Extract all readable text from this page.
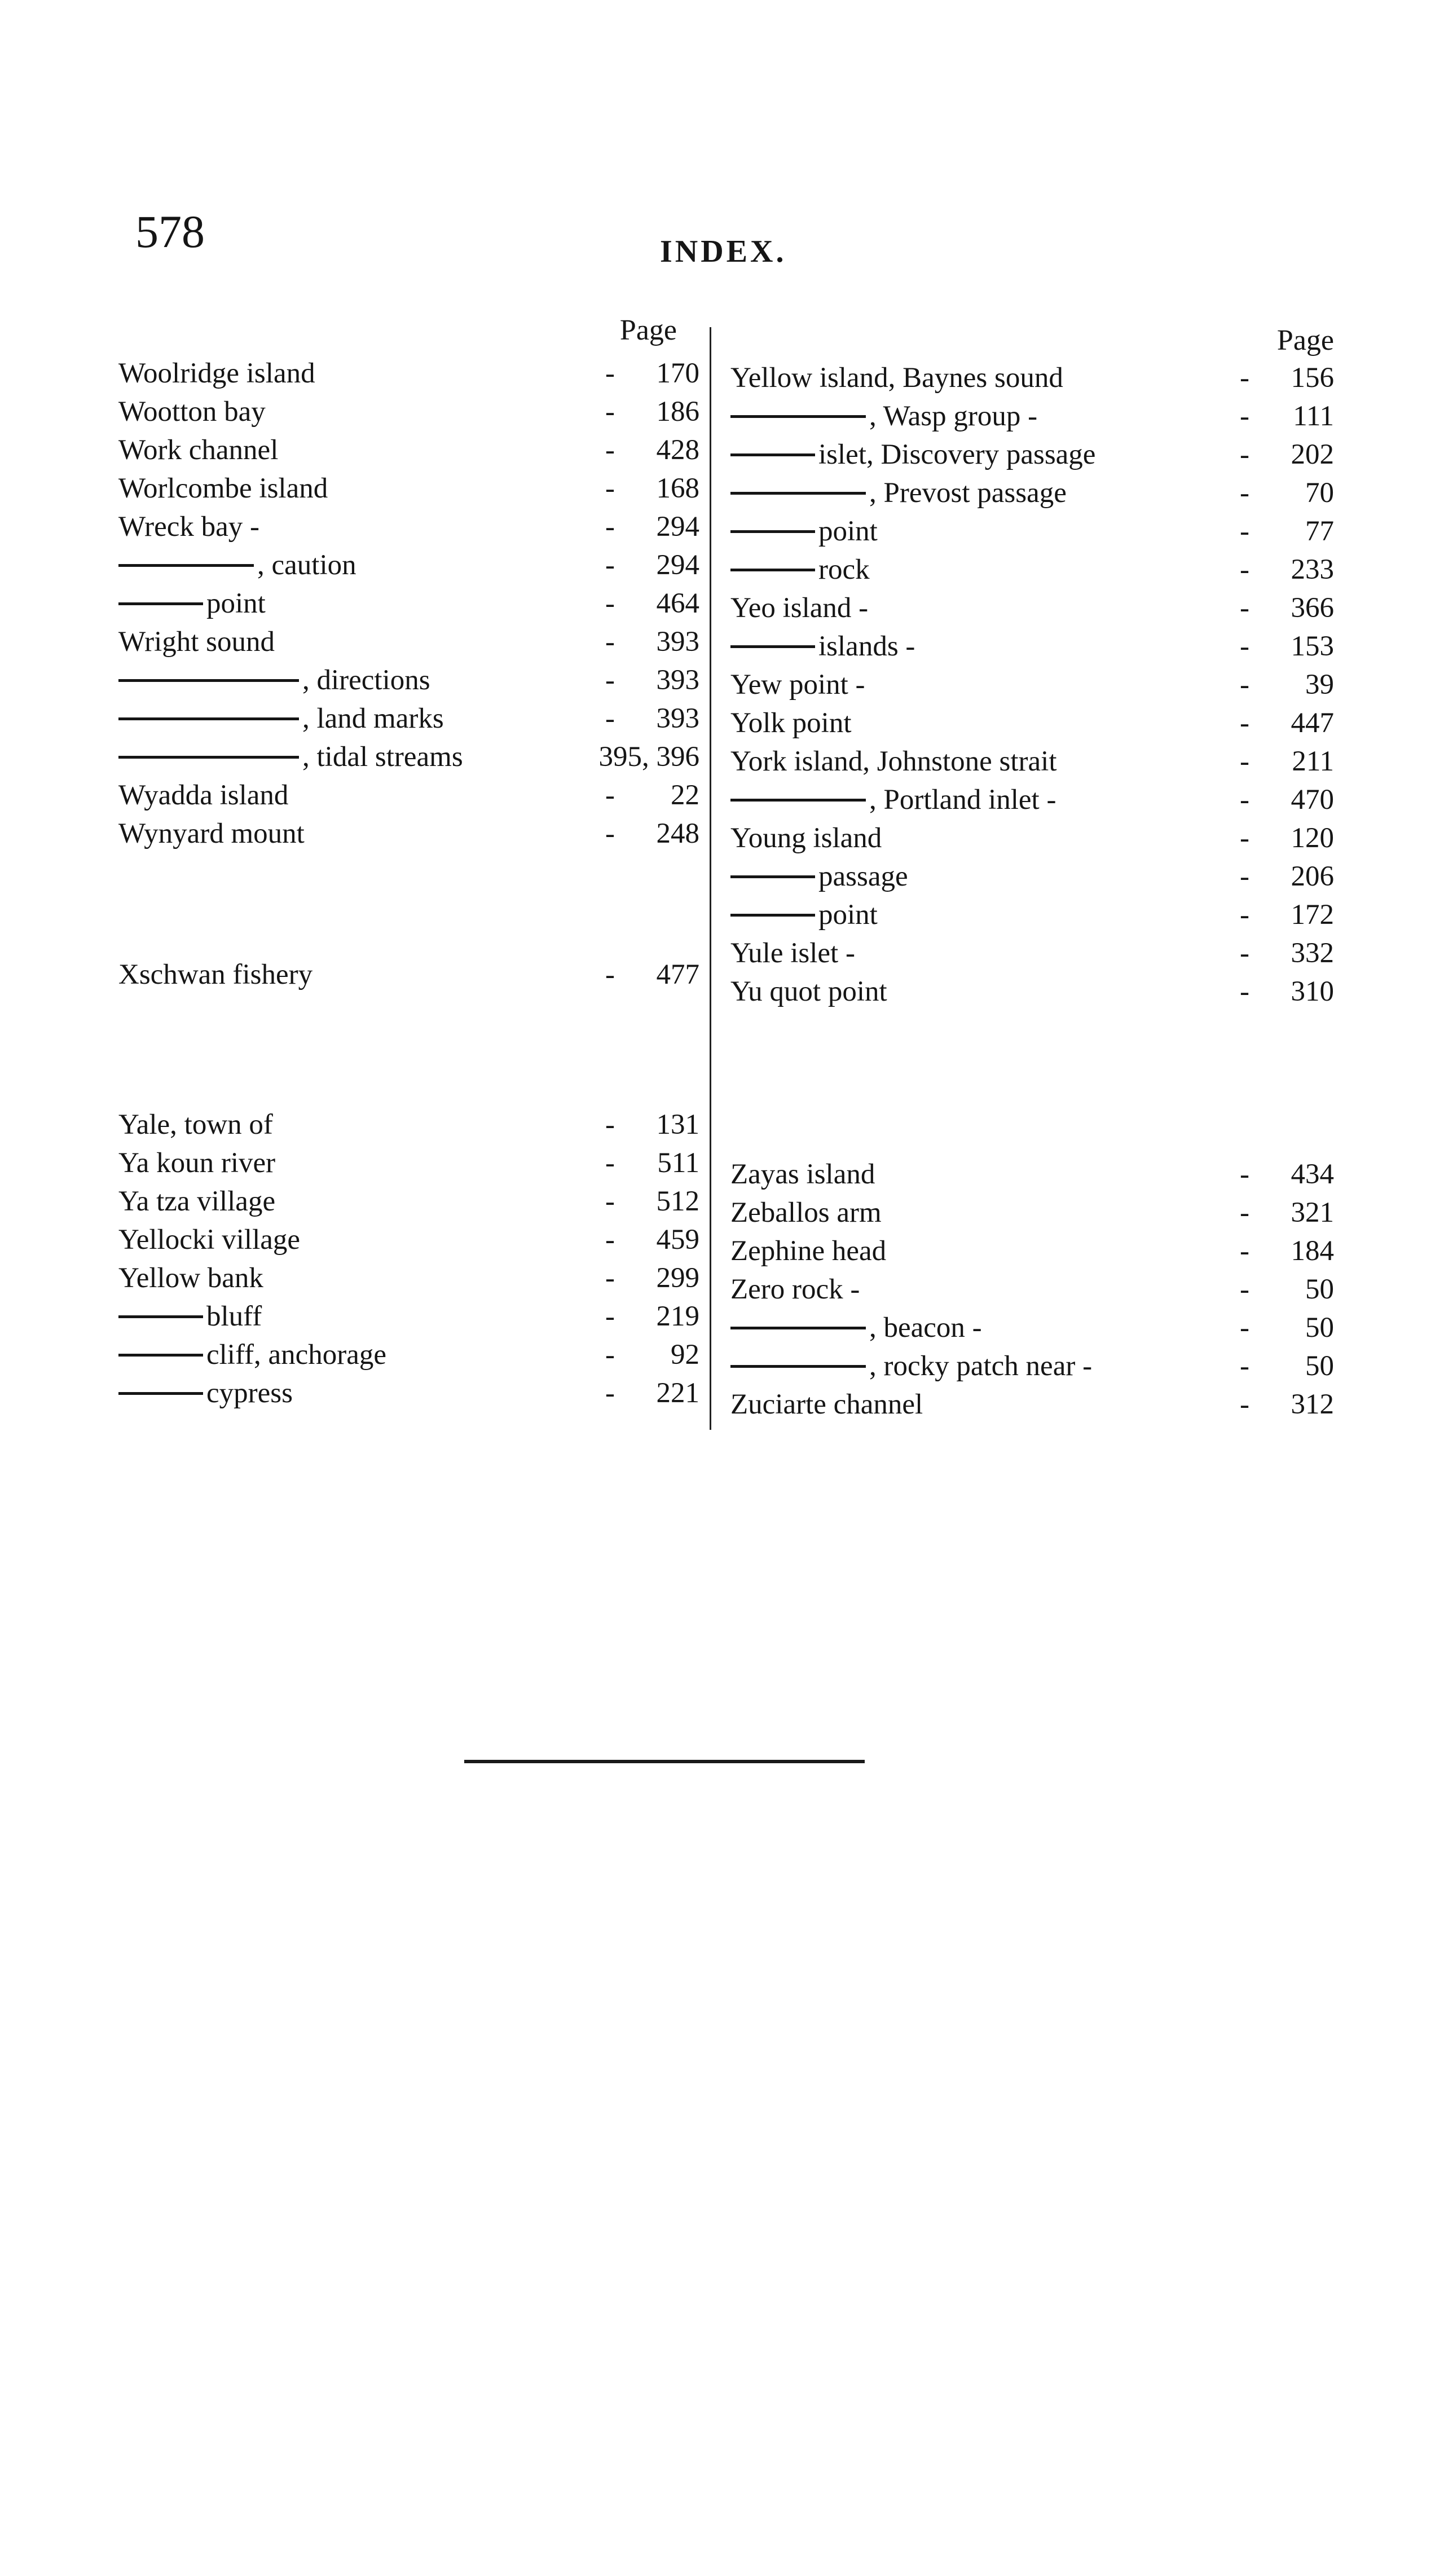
578	INDEX.
Page
Woolridge island	- 170
Wootton bay	- 186
Work channel	- 428
Worlcombe island	- 168
Wreck bay -	- 294
, caution	- 294
point	- 464
Wright sound	- 393
, directions	- 393
, land marks	- 393
, tidal streams	395, 396
Wyadda island	- 22
Wynyard mount	- 248
Xschwan fishery	- 477
Yale, town of	- 131
Ya koun river	- 511
Ya tza village	- 512
Yellocki village	- 459
Yellow bank	- 299
bluff	- 219
cliff, anchorage	- 92
cypress	- 221
Page
Yellow island, Baynes sound	- 156
, Wasp group -	- 111
islet, Discovery passage	- 202
, Prevost passage	- 70
point	- 77
rock	- 233
Yeo island -	- 366
islands -	- 153
Yew point -	- 39
Yolk point	- 447
York island, Johnstone strait	- 211
, Portland inlet -	- 470
Young island	- 120
passage	- 206
point	- 172
Yule islet -	- 332
Yu quot point	- 310
Zayas island	- 434
Zeballos arm	- 321
Zephine head	- 184
Zero rock -	- 50
, beacon -	- 50
, rocky patch near -	- 50
Zuciarte channel	- 312
